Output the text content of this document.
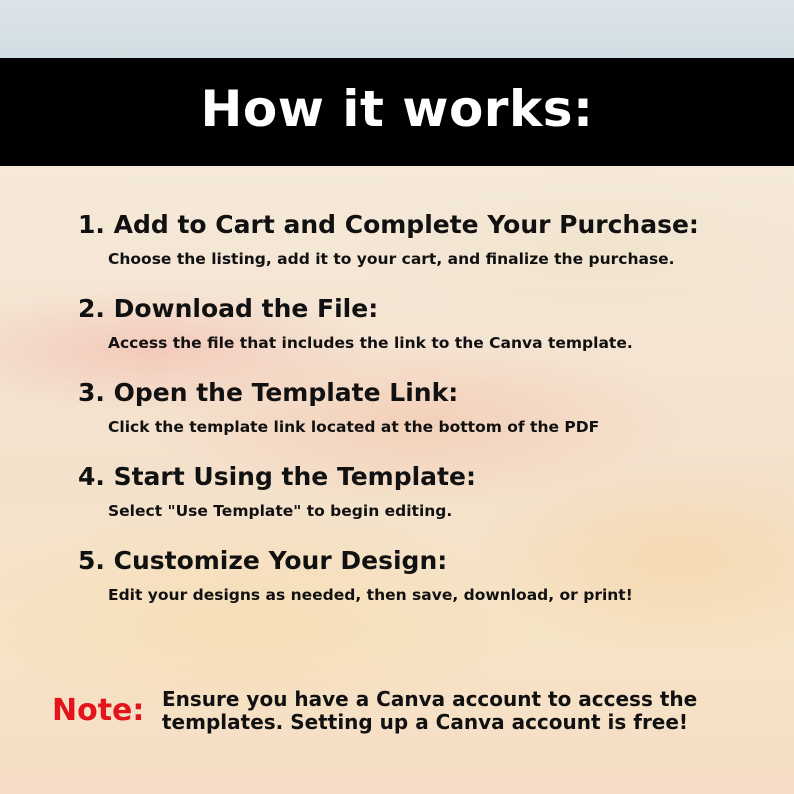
How it works:
1. Add to Cart and Complete Your Purchase:
Choose the listing, add it to your cart, and finalize the purchase.
2. Download the File:
Access the file that includes the link to the Canva template.
3. Open the Template Link:
Click the template link located at the bottom of the PDF
4. Start Using the Template:
Select "Use Template" to begin editing.
5. Customize Your Design:
Edit your designs as needed, then save, download, or print!
Note: Ensure you have a Canva account to access the
templates. Setting up a Canva account is free!
